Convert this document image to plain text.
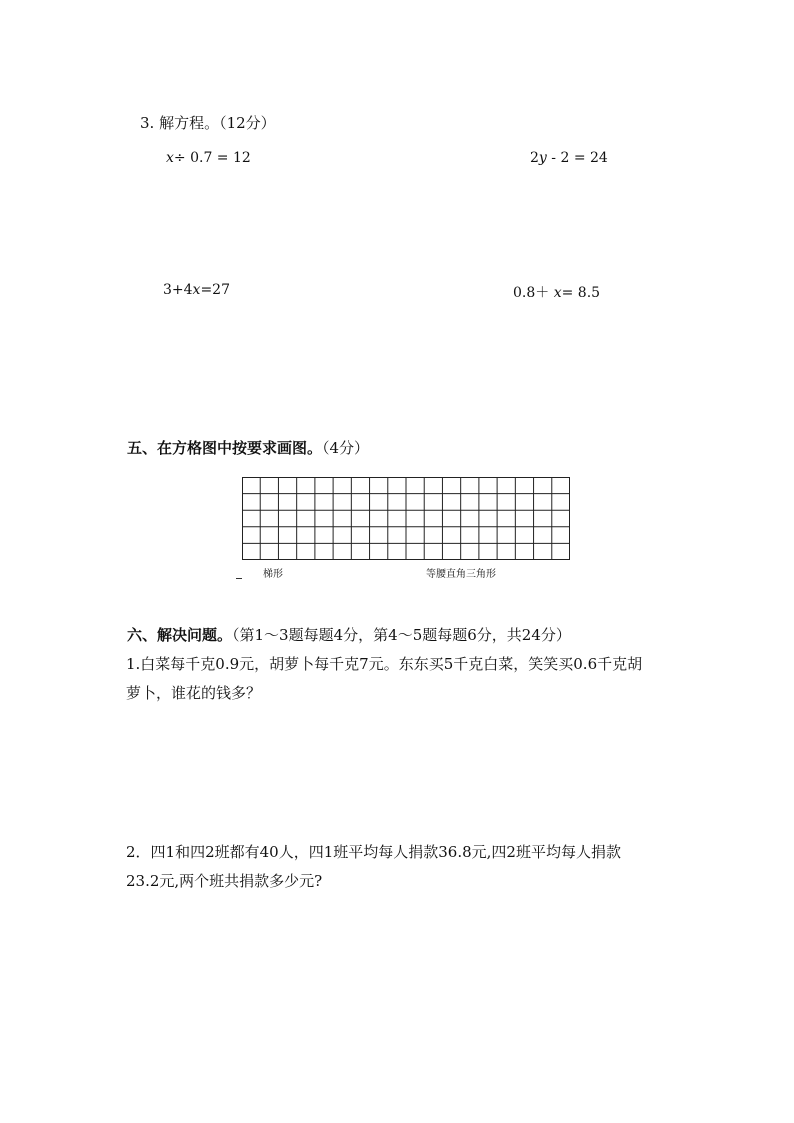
3. 解方程。（12分）
x÷ 0.7 = 12	2y - 2 = 24
3+4x=27	0.8＋ x= 8.5
五、在方格图中按要求画图。（4分）
梯形	等腰直角三角形
六、解决问题。（第1～3题每题4分，第4～5题每题6分，共24分）
1.白菜每千克0.9元，胡萝卜每千克7元。东东买5千克白菜，笑笑买0.6千克胡
萝卜，谁花的钱多？
2．四1和四2班都有40人，四1班平均每人捐款36.8元,四2班平均每人捐款
23.2元,两个班共捐款多少元?
